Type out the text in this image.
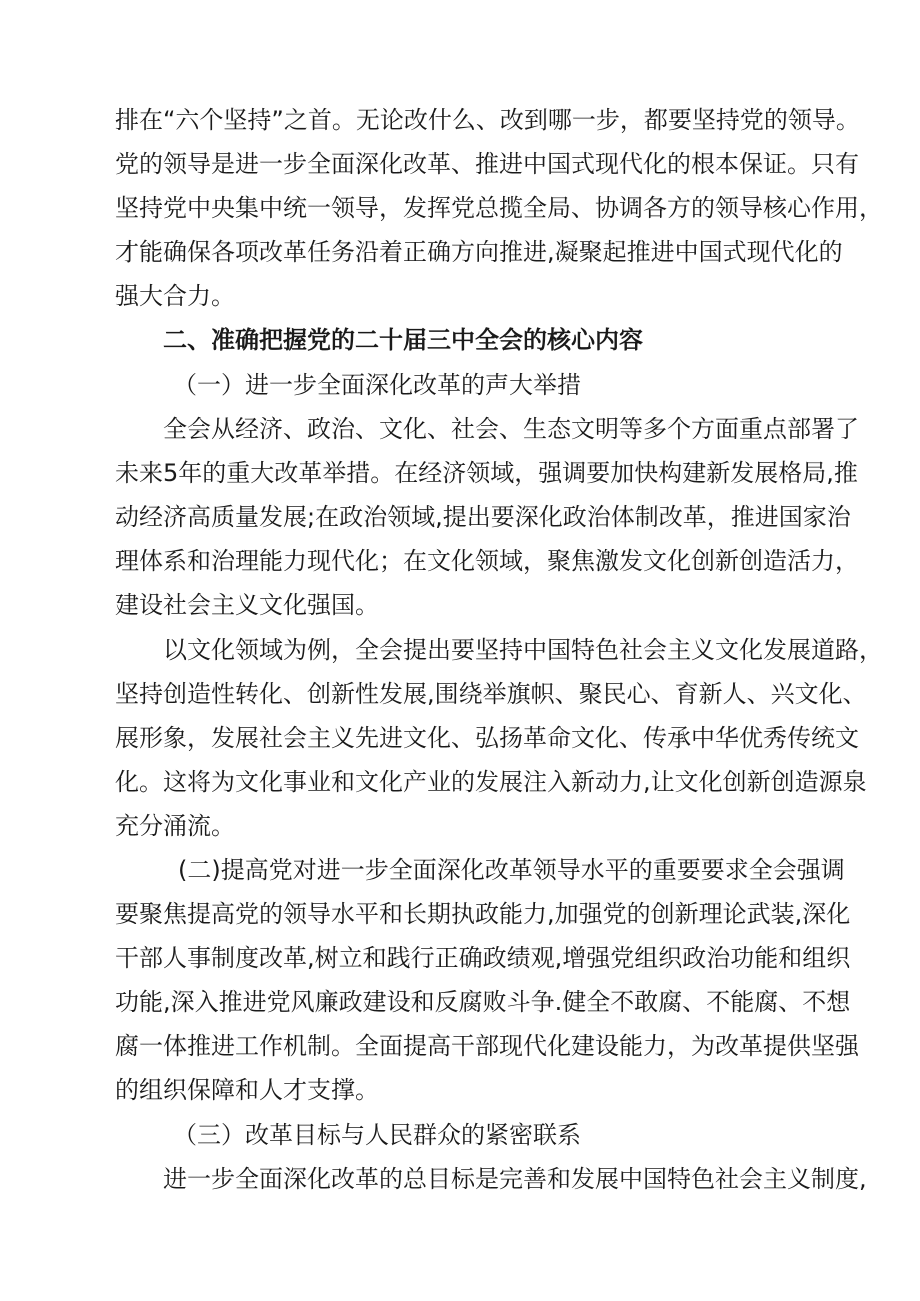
排在“六个坚持”之首。无论改什么、改到哪一步，都要坚持党的领导。
党的领导是进一步全面深化改革、推进中国式现代化的根本保证。只有
坚持党中央集中统一领导，发挥党总揽全局、协调各方的领导核心作用，
才能确保各项改革任务沿着正确方向推进,凝聚起推进中国式现代化的
强大合力。
二、准确把握党的二十届三中全会的核心内容
（一）进一步全面深化改革的声大举措
全会从经济、政治、文化、社会、生态文明等多个方面重点部署了
未来5年的重大改革举措。在经济领域，强调要加快构建新发展格局,推
动经济高质量发展;在政治领域,提出要深化政治体制改革，推进国家治
理体系和治理能力现代化；在文化领域，聚焦激发文化创新创造活力，
建设社会主义文化强国。
以文化领域为例，全会提出要坚持中国特色社会主义文化发展道路，
坚持创造性转化、创新性发展,围绕举旗帜、聚民心、育新人、兴文化、
展形象，发展社会主义先进文化、弘扬革命文化、传承中华优秀传统文
化。这将为文化事业和文化产业的发展注入新动力,让文化创新创造源泉
充分涌流。
(二)提高党对进一步全面深化改革领导水平的重要要求全会强调
要聚焦提高党的领导水平和长期执政能力,加强党的创新理论武装,深化
干部人事制度改革,树立和践行正确政绩观,增强党组织政治功能和组织
功能,深入推进党风廉政建设和反腐败斗争.健全不敢腐、不能腐、不想
腐一体推进工作机制。全面提高干部现代化建设能力，为改革提供坚强
的组织保障和人才支撑。
（三）改革目标与人民群众的紧密联系
进一步全面深化改革的总目标是完善和发展中国特色社会主义制度,
